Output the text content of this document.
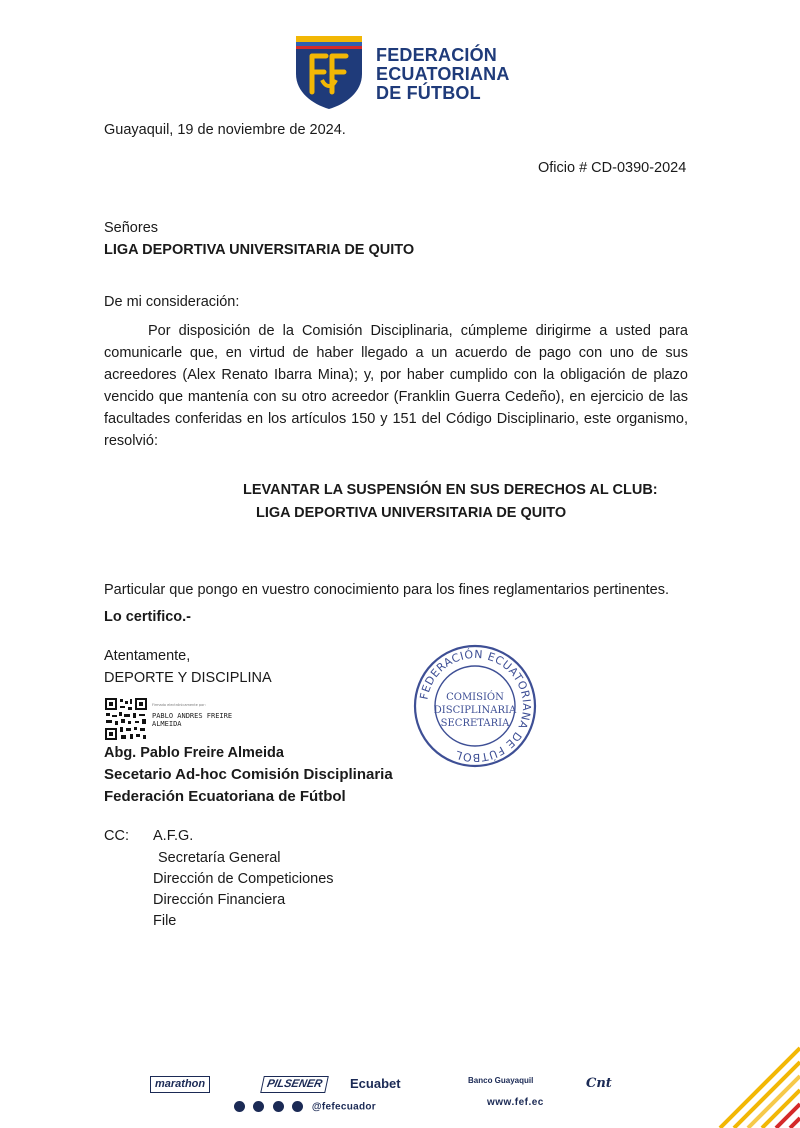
FEDERACIÓN
ECUATORIANA
DE FÚTBOL
Guayaquil, 19 de noviembre de 2024.
Oficio # CD-0390-2024
Señores
LIGA DEPORTIVA UNIVERSITARIA DE QUITO
De mi consideración:
Por disposición de la Comisión Disciplinaria, cúmpleme dirigirme a usted para comunicarle que, en virtud de haber llegado a un acuerdo de pago con uno de sus acreedores (Alex Renato Ibarra Mina); y, por haber cumplido con la obligación de plazo vencido que mantenía con su otro acreedor (Franklin Guerra Cedeño), en ejercicio de las facultades conferidas en los artículos 150 y 151 del Código Disciplinario, este organismo, resolvió:
LEVANTAR LA SUSPENSIÓN EN SUS DERECHOS AL CLUB:
LIGA DEPORTIVA UNIVERSITARIA DE QUITO
Particular que pongo en vuestro conocimiento para los fines reglamentarios pertinentes.
Lo certifico.-
Atentamente,
DEPORTE Y DISCIPLINA
Firmado electrónicamente por:
PABLO ANDRES FREIRE
ALMEIDA
Abg. Pablo Freire Almeida
Secetario Ad-hoc Comisión Disciplinaria
Federación Ecuatoriana de Fútbol
FEDERACIÓN ECUATORIANA DE FÚTBOL
COMISIÓN
DISCIPLINARIA
SECRETARIA
CC: A.F.G.
Secretaría General
Dirección de Competiciones
Dirección Financiera
File
marathon	PILSENER	Ecuabet	Banco Guayaquil	Cnt
@fefecuador	www.fef.ec
